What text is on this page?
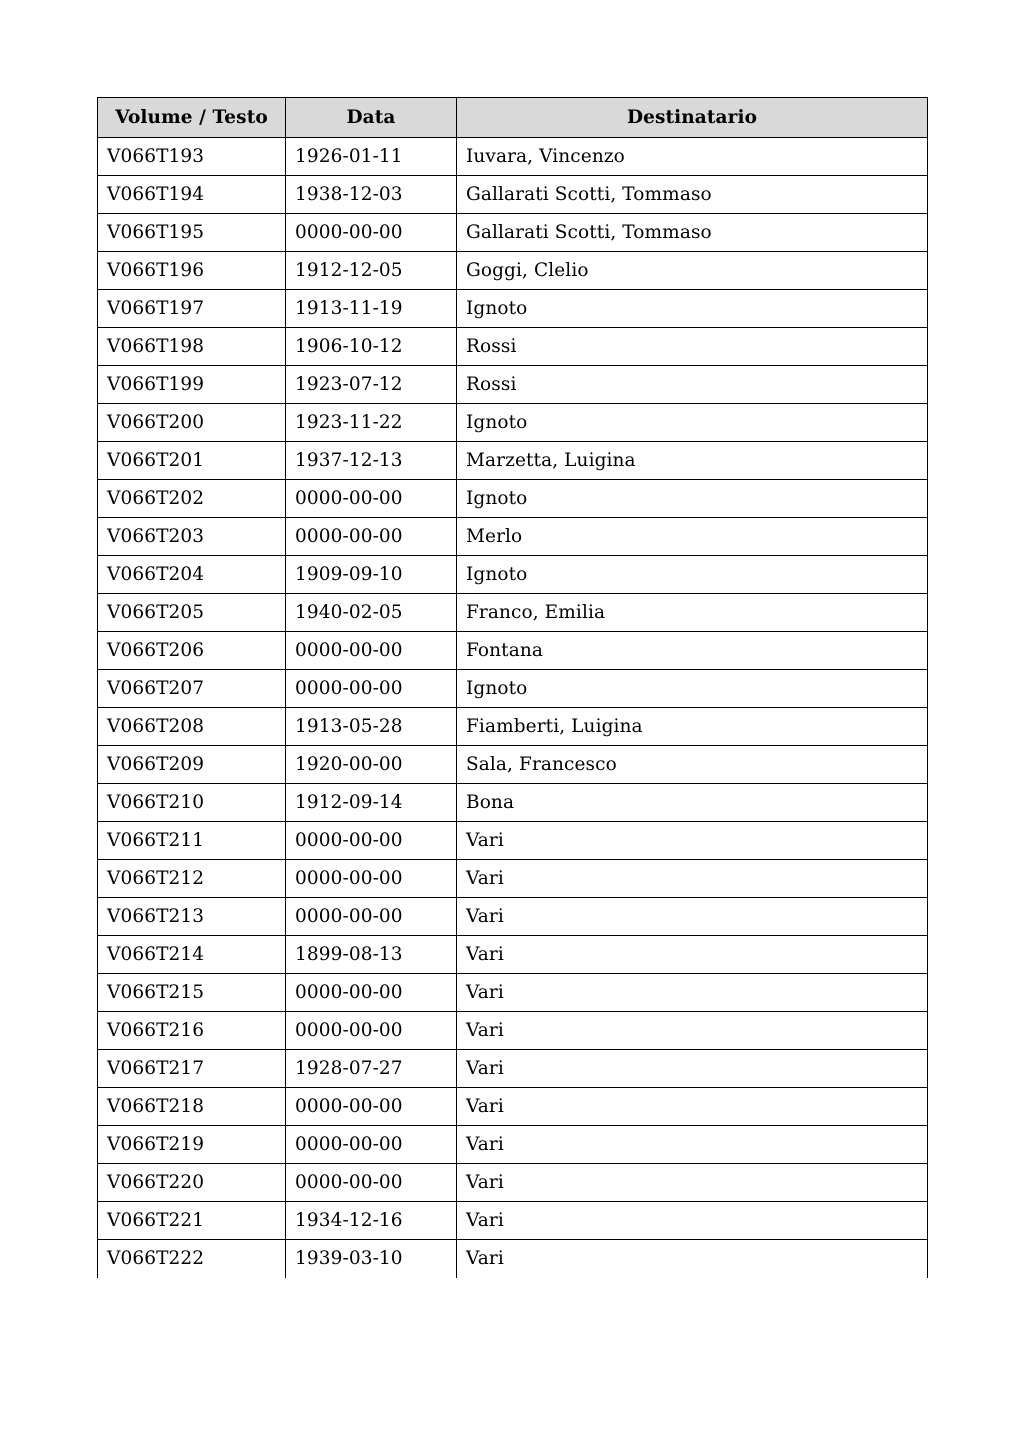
Volume / Testo	Data	Destinatario
V066T193	1926-01-11	Iuvara, Vincenzo
V066T194	1938-12-03	Gallarati Scotti, Tommaso
V066T195	0000-00-00	Gallarati Scotti, Tommaso
V066T196	1912-12-05	Goggi, Clelio
V066T197	1913-11-19	Ignoto
V066T198	1906-10-12	Rossi
V066T199	1923-07-12	Rossi
V066T200	1923-11-22	Ignoto
V066T201	1937-12-13	Marzetta, Luigina
V066T202	0000-00-00	Ignoto
V066T203	0000-00-00	Merlo
V066T204	1909-09-10	Ignoto
V066T205	1940-02-05	Franco, Emilia
V066T206	0000-00-00	Fontana
V066T207	0000-00-00	Ignoto
V066T208	1913-05-28	Fiamberti, Luigina
V066T209	1920-00-00	Sala, Francesco
V066T210	1912-09-14	Bona
V066T211	0000-00-00	Vari
V066T212	0000-00-00	Vari
V066T213	0000-00-00	Vari
V066T214	1899-08-13	Vari
V066T215	0000-00-00	Vari
V066T216	0000-00-00	Vari
V066T217	1928-07-27	Vari
V066T218	0000-00-00	Vari
V066T219	0000-00-00	Vari
V066T220	0000-00-00	Vari
V066T221	1934-12-16	Vari
V066T222	1939-03-10	Vari
